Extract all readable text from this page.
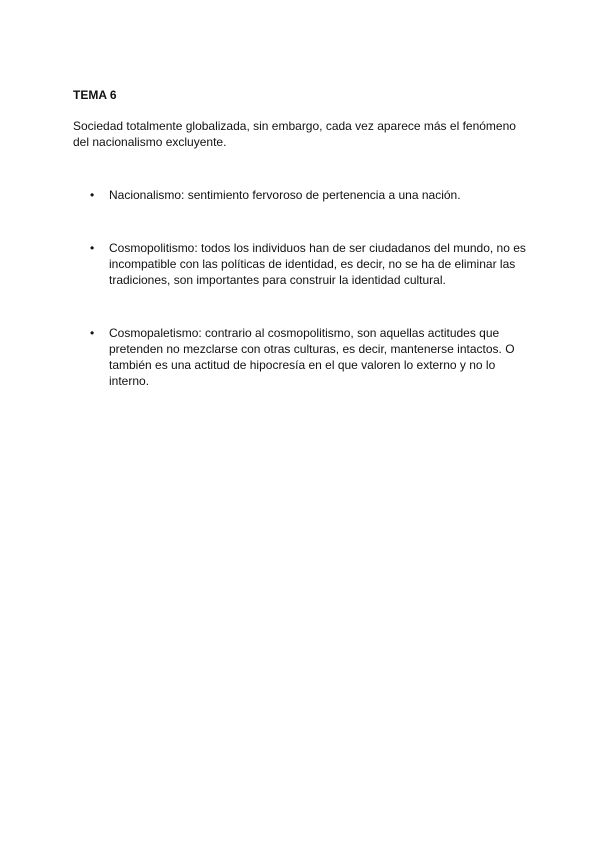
TEMA 6

Sociedad totalmente globalizada, sin embargo, cada vez aparece más el fenómeno del nacionalismo excluyente.

• Nacionalismo: sentimiento fervoroso de pertenencia a una nación.

• Cosmopolitismo: todos los individuos han de ser ciudadanos del mundo, no es incompatible con las políticas de identidad, es decir, no se ha de eliminar las tradiciones, son importantes para construir la identidad cultural.

• Cosmopaletismo: contrario al cosmopolitismo, son aquellas actitudes que pretenden no mezclarse con otras culturas, es decir, mantenerse intactos. O también es una actitud de hipocresía en el que valoren lo externo y no lo interno.
